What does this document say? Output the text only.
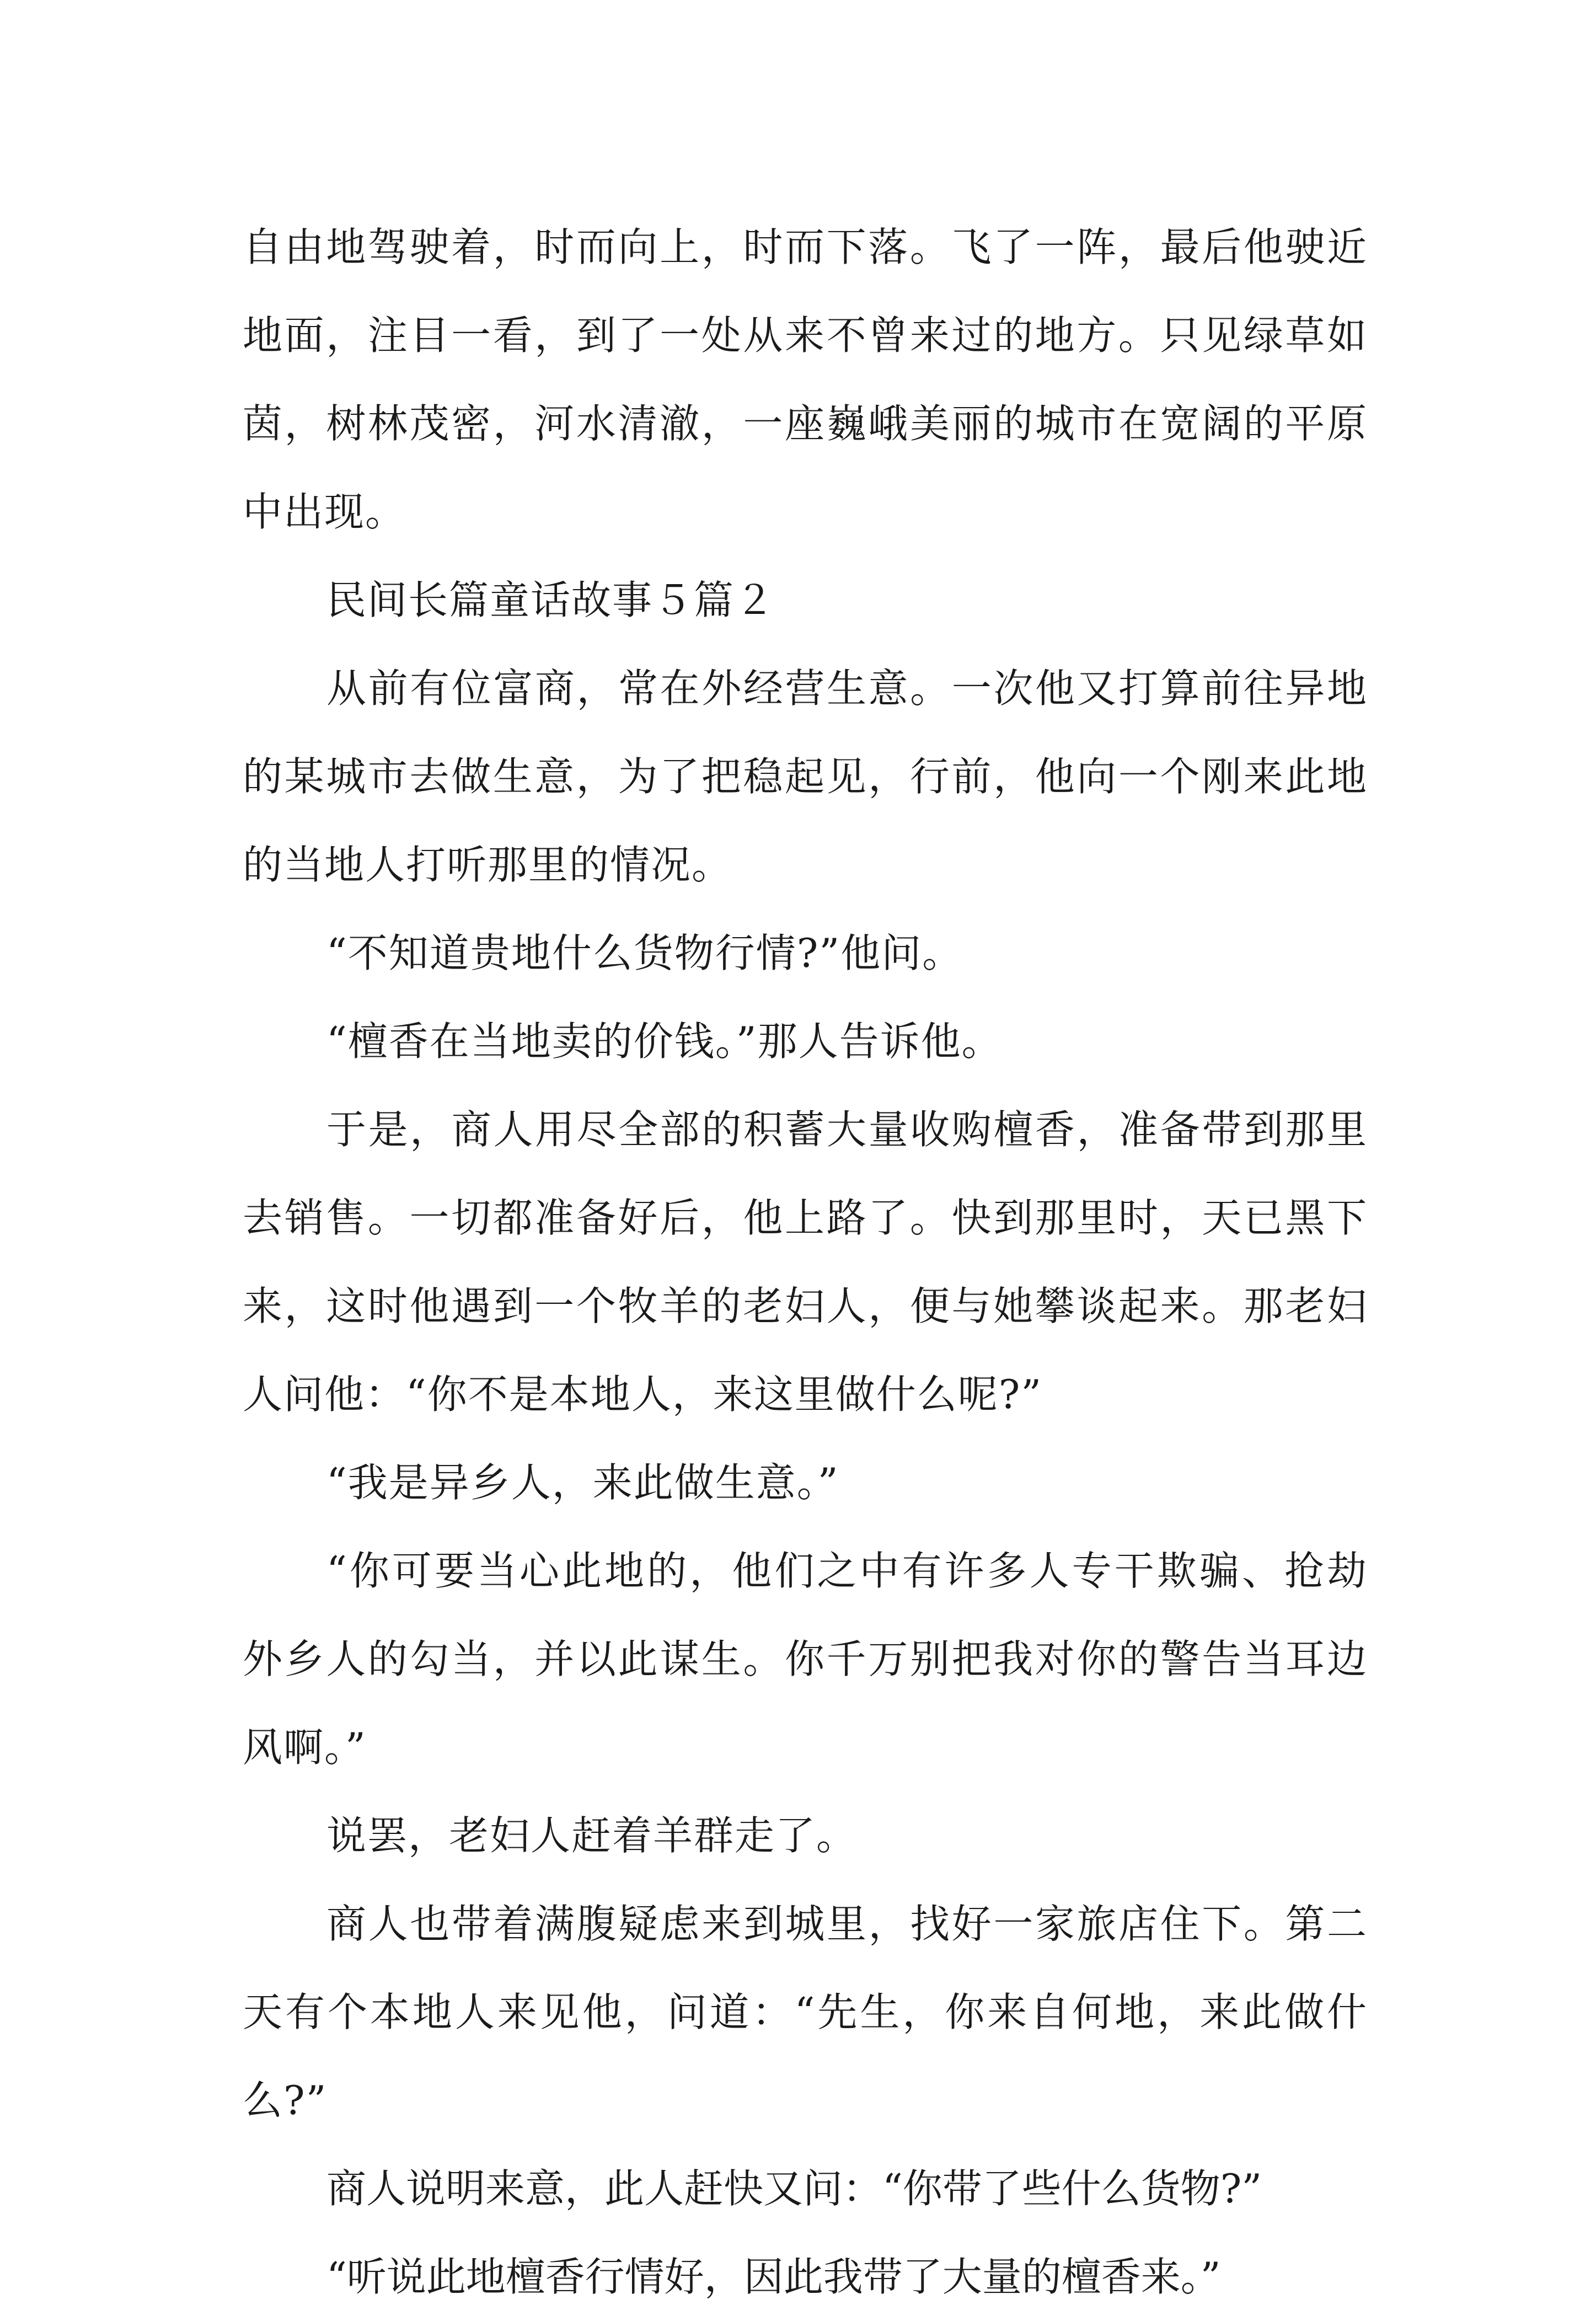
自由地驾驶着，时而向上，时而下落。飞了一阵，最后他驶近地面，注目一看，到了一处从来不曾来过的地方。只见绿草如茵，树林茂密，河水清澈，一座巍峨美丽的城市在宽阔的平原中出现。

民间长篇童话故事５篇２

从前有位富商，常在外经营生意。一次他又打算前往异地的某城市去做生意，为了把稳起见，行前，他向一个刚来此地的当地人打听那里的情况。

“不知道贵地什么货物行情?”他问。

“檀香在当地卖的价钱。”那人告诉他。

于是，商人用尽全部的积蓄大量收购檀香，准备带到那里去销售。一切都准备好后，他上路了。快到那里时，天已黑下来，这时他遇到一个牧羊的老妇人，便与她攀谈起来。那老妇人问他：“你不是本地人，来这里做什么呢?”

“我是异乡人，来此做生意。”

“你可要当心此地的，他们之中有许多人专干欺骗、抢劫外乡人的勾当，并以此谋生。你千万别把我对你的警告当耳边风啊。”

说罢，老妇人赶着羊群走了。

商人也带着满腹疑虑来到城里，找好一家旅店住下。第二天有个本地人来见他，问道：“先生，你来自何地，来此做什么?”

商人说明来意，此人赶快又问：“你带了些什么货物?”

“听说此地檀香行情好，因此我带了大量的檀香来。”
